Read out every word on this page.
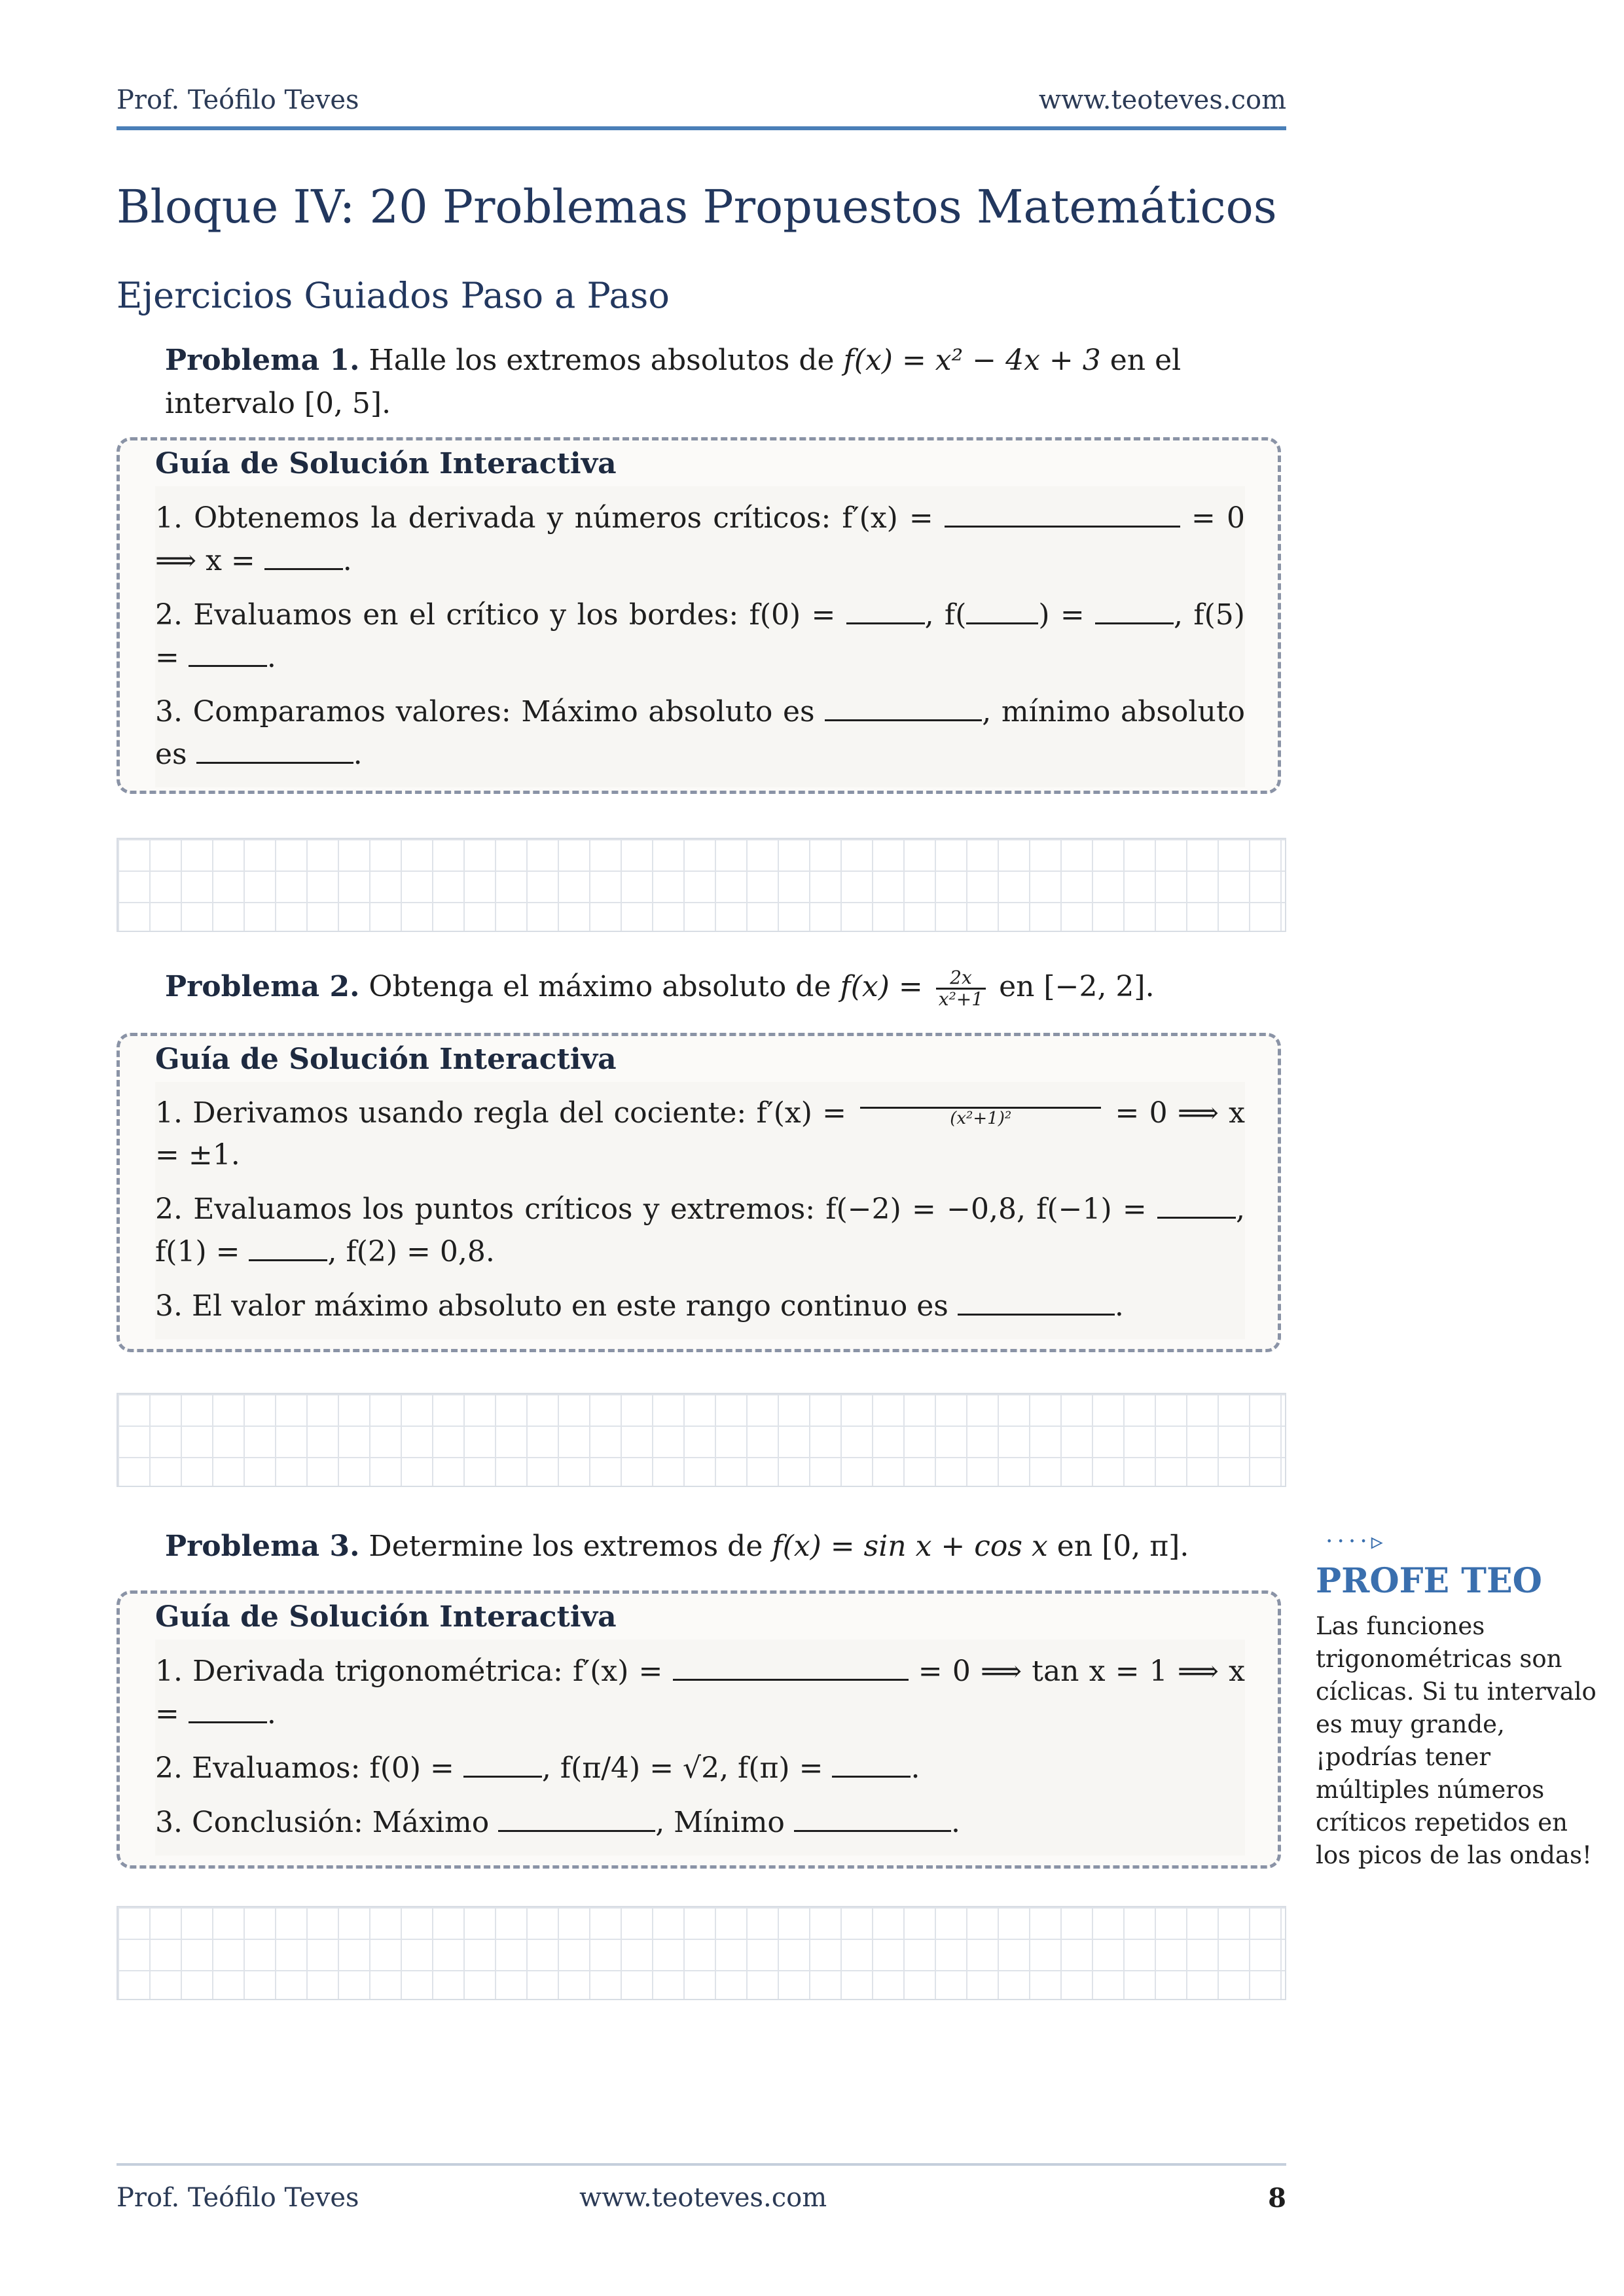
Prof. Teófilo Teves	www.teoteves.com
Bloque IV: 20 Problemas Propuestos Matemáticos
Ejercicios Guiados Paso a Paso
Problema 1. Halle los extremos absolutos de f(x) = x² − 4x + 3 en el intervalo [0, 5].
Guía de Solución Interactiva
1. Obtenemos la derivada y números críticos: f′(x) =	= 0 ⟹ x =	.
2. Evaluamos en el crítico y los bordes: f(0) =	, f(	) =	, f(5) =	.
3. Comparamos valores: Máximo absoluto es	, mínimo absoluto es	.
Problema 2. Obtenga el máximo absoluto de $f(x) = \frac{2x}{\text{x²+1}}$ en [−2, 2].
Guía de Solución Interactiva
1. Derivamos usando regla del cociente: f′(x) =	(x²+1)²	= 0 ⟹ x = ±1.
2. Evaluamos los puntos críticos y extremos: f(−2) = −0,8, f(−1) =	, f(1) =	, f(2) = 0,8.
3. El valor máximo absoluto en este rango continuo es	.
Problema 3. Determine los extremos de f(x) = sin x + cos x en [0, π].
Guía de Solución Interactiva
1. Derivada trigonométrica: f′(x) =	= 0 ⟹ tan x = 1 ⟹ x =	.
2. Evaluamos: f(0) =	, f(π/4) = √2, f(π) =	.
3. Conclusión: Máximo	, Mínimo	.
····▹
PROFE TEO
Las funciones trigonométricas son cíclicas. Si tu intervalo es muy grande, ¡podrías tener múltiples números críticos repetidos en los picos de las ondas!
Prof. Teófilo Teves	www.teoteves.com	8
